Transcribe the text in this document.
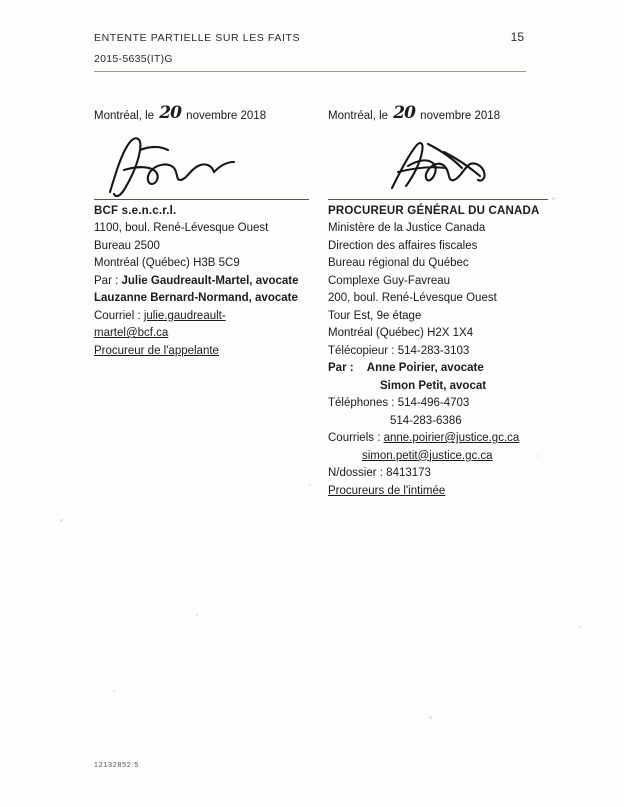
ENTENTE PARTIELLE SUR LES FAITS	15
2015-5635(IT)G
Montréal, le 20 novembre 2018
BCF s.e.n.c.r.l.
1100, boul. René-Lévesque Ouest
Bureau 2500
Montréal (Québec) H3B 5C9
Par : Julie Gaudreault-Martel, avocate
Lauzanne Bernard-Normand, avocate
Courriel : julie.gaudreault-
martel@bcf.ca
Procureur de l'appelante
Montréal, le 20 novembre 2018
PROCUREUR GÉNÉRAL DU CANADA
Ministère de la Justice Canada
Direction des affaires fiscales
Bureau régional du Québec
Complexe Guy-Favreau
200, boul. René-Lévesque Ouest
Tour Est, 9e étage
Montréal (Québec) H2X 1X4
Télécopieur : 514-283-3103
Par : Anne Poirier, avocate
Simon Petit, avocat
Téléphones : 514-496-4703
514-283-6386
Courriels : anne.poirier@justice.gc.ca
simon.petit@justice.gc.ca
N/dossier : 8413173
Procureurs de l'intimée
12132852.5
